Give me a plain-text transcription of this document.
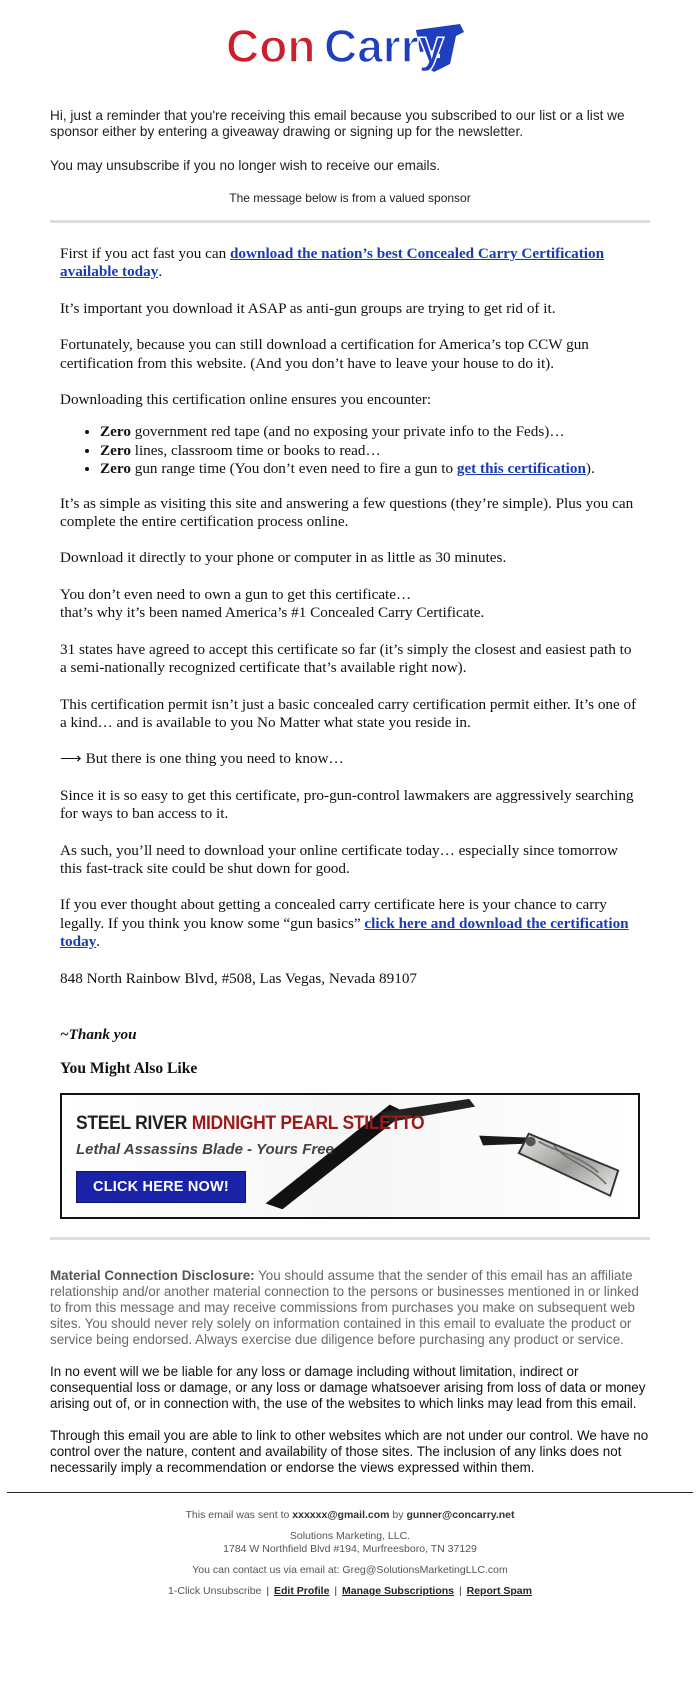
Con Carry

Hi, just a reminder that you're receiving this email because you subscribed to our list or a list we sponsor either by entering a giveaway drawing or signing up for the newsletter.

You may unsubscribe if you no longer wish to receive our emails.

The message below is from a valued sponsor

First if you act fast you can download the nation’s best Concealed Carry Certification available today.

It’s important you download it ASAP as anti-gun groups are trying to get rid of it.

Fortunately, because you can still download a certification for America’s top CCW gun certification from this website. (And you don’t have to leave your house to do it).

Downloading this certification online ensures you encounter:

• Zero government red tape (and no exposing your private info to the Feds)…
• Zero lines, classroom time or books to read…
• Zero gun range time (You don’t even need to fire a gun to get this certification).

It’s as simple as visiting this site and answering a few questions (they’re simple). Plus you can complete the entire certification process online.

Download it directly to your phone or computer in as little as 30 minutes.

You don’t even need to own a gun to get this certificate…
that’s why it’s been named America’s #1 Concealed Carry Certificate.

31 states have agreed to accept this certificate so far (it’s simply the closest and easiest path to a semi-nationally recognized certificate that’s available right now).

This certification permit isn’t just a basic concealed carry certification permit either. It’s one of a kind… and is available to you No Matter what state you reside in.

⟶ But there is one thing you need to know…

Since it is so easy to get this certificate, pro-gun-control lawmakers are aggressively searching for ways to ban access to it.

As such, you’ll need to download your online certificate today… especially since tomorrow this fast-track site could be shut down for good.

If you ever thought about getting a concealed carry certificate here is your chance to carry legally. If you think you know some “gun basics” click here and download the certification today.

848 North Rainbow Blvd, #508, Las Vegas, Nevada 89107

~Thank you

You Might Also Like

STEEL RIVER MIDNIGHT PEARL STILETTO
Lethal Assassins Blade - Yours Free
CLICK HERE NOW!

Material Connection Disclosure: You should assume that the sender of this email has an affiliate relationship and/or another material connection to the persons or businesses mentioned in or linked to from this message and may receive commissions from purchases you make on subsequent web sites. You should never rely solely on information contained in this email to evaluate the product or service being endorsed. Always exercise due diligence before purchasing any product or service.

In no event will we be liable for any loss or damage including without limitation, indirect or consequential loss or damage, or any loss or damage whatsoever arising from loss of data or money arising out of, or in connection with, the use of the websites to which links may lead from this email.

Through this email you are able to link to other websites which are not under our control. We have no control over the nature, content and availability of those sites. The inclusion of any links does not necessarily imply a recommendation or endorse the views expressed within them.

This email was sent to xxxxxx@gmail.com by gunner@concarry.net

Solutions Marketing, LLC.
1784 W Northfield Blvd #194, Murfreesboro, TN 37129

You can contact us via email at: Greg@SolutionsMarketingLLC.com

1-Click Unsubscribe | Edit Profile | Manage Subscriptions | Report Spam
